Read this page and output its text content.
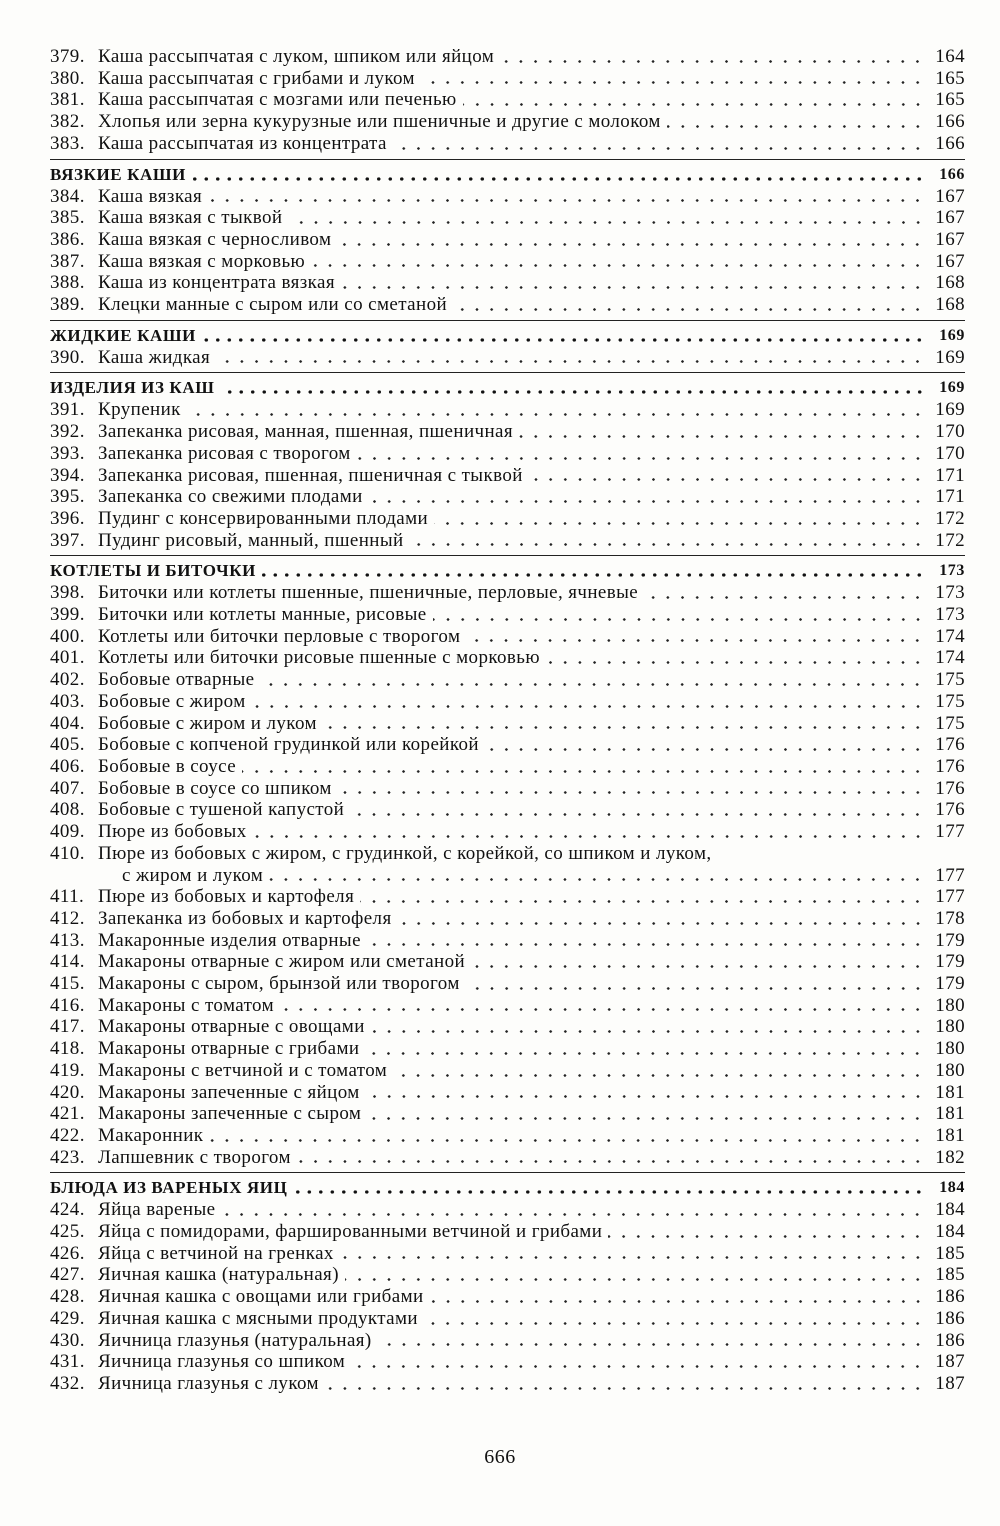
379. Каша рассыпчатая с луком, шпиком или яйцом	164
380. Каша рассыпчатая с грибами и луком	165
381. Каша рассыпчатая с мозгами или печенью	165
382. Хлопья или зерна кукурузные или пшеничные и другие с молоком	166
383. Каша рассыпчатая из концентрата	166
ВЯЗКИЕ КАШИ	166
384. Каша вязкая	167
385. Каша вязкая с тыквой	167
386. Каша вязкая с черносливом	167
387. Каша вязкая с морковью	167
388. Каша из концентрата вязкая	168
389. Клецки манные с сыром или со сметаной	168
ЖИДКИЕ КАШИ	169
390. Каша жидкая	169
ИЗДЕЛИЯ ИЗ КАШ	169
391. Крупеник	169
392. Запеканка рисовая, манная, пшенная, пшеничная	170
393. Запеканка рисовая с творогом	170
394. Запеканка рисовая, пшенная, пшеничная с тыквой	171
395. Запеканка со свежими плодами	171
396. Пудинг с консервированными плодами	172
397. Пудинг рисовый, манный, пшенный	172
КОТЛЕТЫ И БИТОЧКИ	173
398. Биточки или котлеты пшенные, пшеничные, перловые, ячневые	173
399. Биточки или котлеты манные, рисовые	173
400. Котлеты или биточки перловые с творогом	174
401. Котлеты или биточки рисовые пшенные с морковью	174
402. Бобовые отварные	175
403. Бобовые с жиром	175
404. Бобовые с жиром и луком	175
405. Бобовые с копченой грудинкой или корейкой	176
406. Бобовые в соусе	176
407. Бобовые в соусе со шпиком	176
408. Бобовые с тушеной капустой	176
409. Пюре из бобовых	177
410. Пюре из бобовых с жиром, с грудинкой, с корейкой, со шпиком и луком,
с жиром и луком	177
411. Пюре из бобовых и картофеля	177
412. Запеканка из бобовых и картофеля	178
413. Макаронные изделия отварные	179
414. Макароны отварные с жиром или сметаной	179
415. Макароны с сыром, брынзой или творогом	179
416. Макароны с томатом	180
417. Макароны отварные с овощами	180
418. Макароны отварные с грибами	180
419. Макароны с ветчиной и с томатом	180
420. Макароны запеченные с яйцом	181
421. Макароны запеченные с сыром	181
422. Макаронник	181
423. Лапшевник с творогом	182
БЛЮДА ИЗ ВАРЕНЫХ ЯИЦ	184
424. Яйца вареные	184
425. Яйца с помидорами, фаршированными ветчиной и грибами	184
426. Яйца с ветчиной на гренках	185
427. Яичная кашка (натуральная)	185
428. Яичная кашка с овощами или грибами	186
429. Яичная кашка с мясными продуктами	186
430. Яичница глазунья (натуральная)	186
431. Яичница глазунья со шпиком	187
432. Яичница глазунья с луком	187
666
